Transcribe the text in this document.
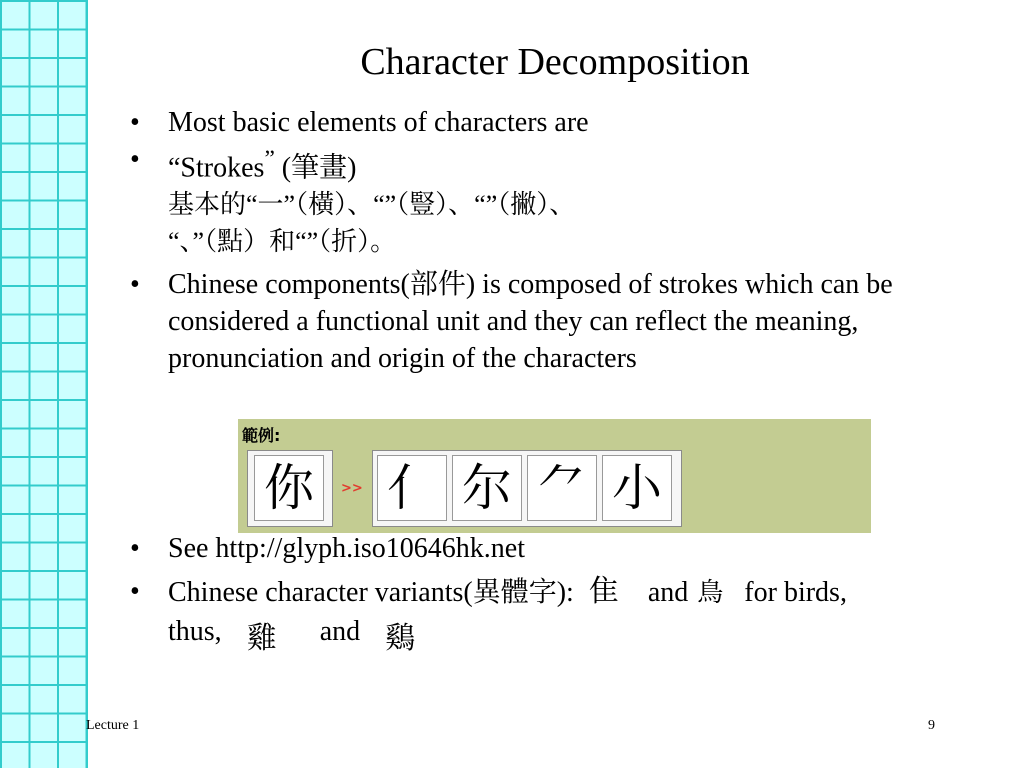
Character Decomposition
• Most basic elements of characters are
• “Strokes” (筆畫)
基本的“一”（橫）、“”（豎）、“”（撇）、
“、”（點）和“”（折）。
• Chinese components(部件) is composed of strokes which can be considered a functional unit and they can reflect the meaning, pronunciation and origin of the characters
範例:
你	>> 亻 尔 ⺈ 小
• See http://glyph.iso10646hk.net
• Chinese character variants(異體字): 隹 and 鳥 for birds,
thus, 雞 and 鷄
Lecture 1	9
